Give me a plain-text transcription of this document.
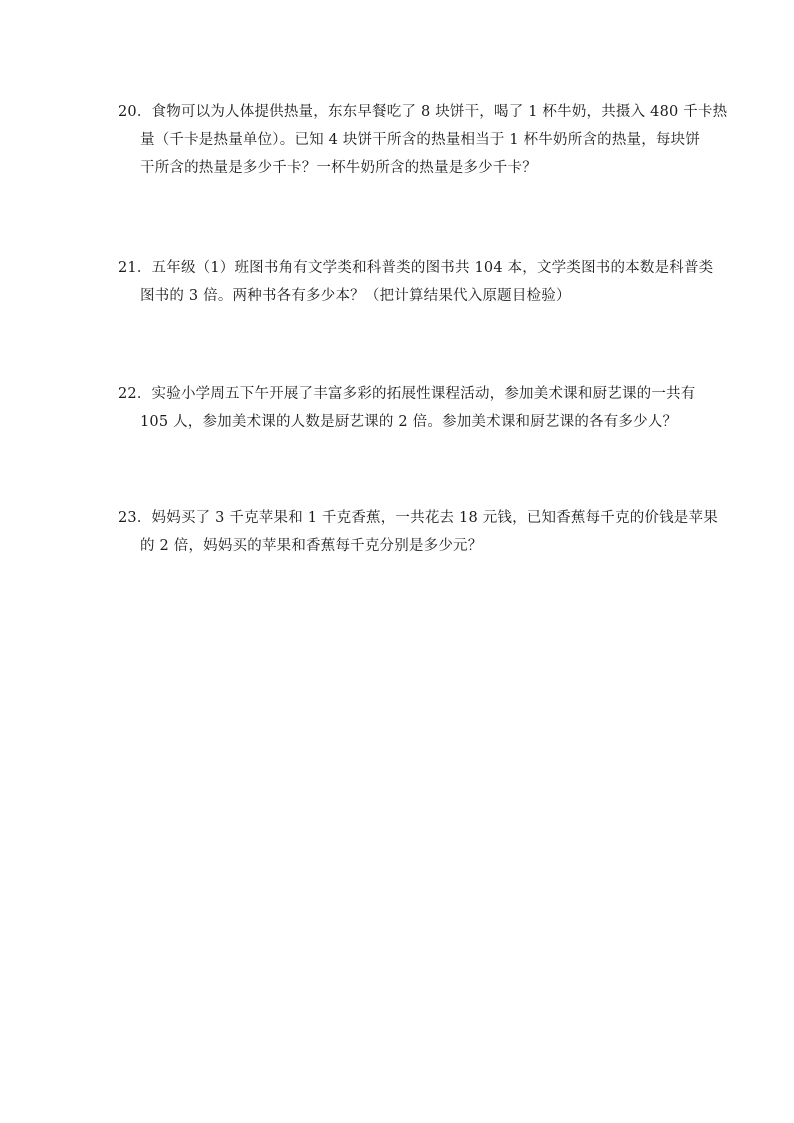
20．食物可以为人体提供热量，东东早餐吃了 8 块饼干，喝了 1 杯牛奶，共摄入 480 千卡热
量（千卡是热量单位）。已知 4 块饼干所含的热量相当于 1 杯牛奶所含的热量，每块饼
干所含的热量是多少千卡？一杯牛奶所含的热量是多少千卡？
21．五年级（1）班图书角有文学类和科普类的图书共 104 本，文学类图书的本数是科普类
图书的 3 倍。两种书各有多少本？（把计算结果代入原题目检验）
22．实验小学周五下午开展了丰富多彩的拓展性课程活动，参加美术课和厨艺课的一共有
105 人，参加美术课的人数是厨艺课的 2 倍。参加美术课和厨艺课的各有多少人？
23．妈妈买了 3 千克苹果和 1 千克香蕉，一共花去 18 元钱，已知香蕉每千克的价钱是苹果
的 2 倍，妈妈买的苹果和香蕉每千克分别是多少元？
